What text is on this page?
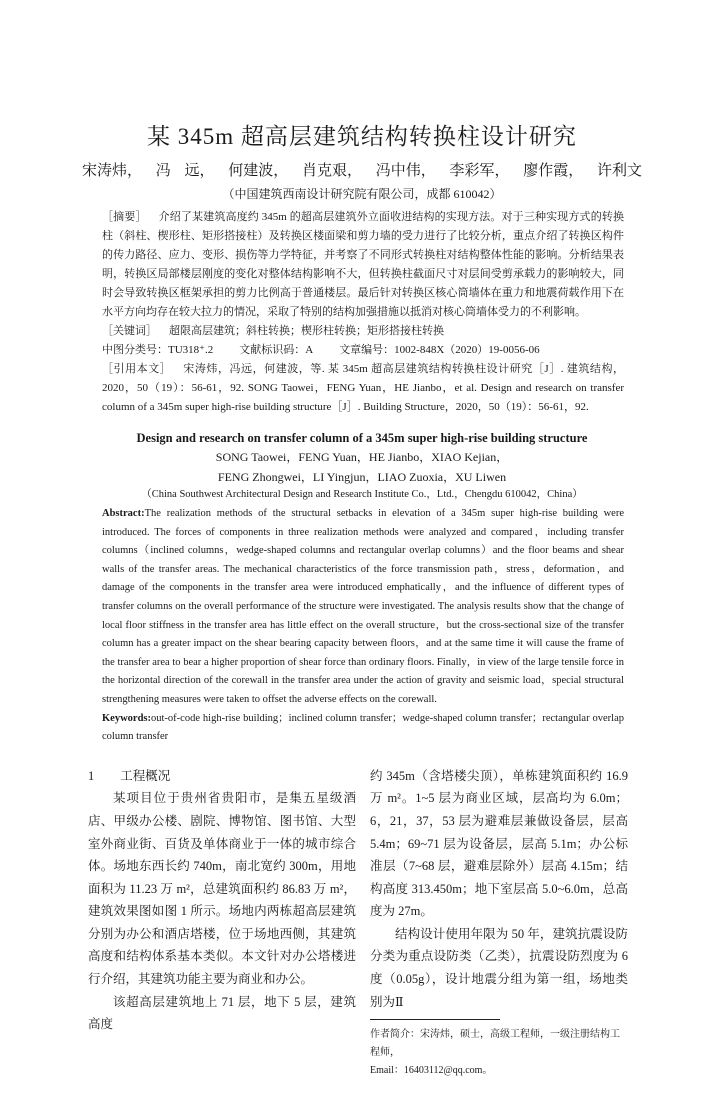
某 345m 超高层建筑结构转换柱设计研究
宋涛炜， 冯 远， 何建波， 肖克艰， 冯中伟， 李彩军， 廖作霞， 许利文
（中国建筑西南设计研究院有限公司，成都 610042）

［摘要］ 介绍了某建筑高度约 345m 的超高层建筑外立面收进结构的实现方法。对于三种实现方式的转换柱（斜柱、楔形柱、矩形搭接柱）及转换区楼面梁和剪力墙的受力进行了比较分析，重点介绍了转换区构件的传力路径、应力、变形、损伤等力学特征，并考察了不同形式转换柱对结构整体性能的影响。分析结果表明，转换区局部楼层刚度的变化对整体结构影响不大，但转换柱截面尺寸对层间受剪承载力的影响较大，同时会导致转换区框架承担的剪力比例高于普通楼层。最后针对转换区核心筒墙体在重力和地震荷载作用下在水平方向均存在较大拉力的情况，采取了特别的结构加强措施以抵消对核心筒墙体受力的不利影响。

［关键词］ 超限高层建筑；斜柱转换；楔形柱转换；矩形搭接柱转换

中图分类号：TU318⁺.2 文献标识码：A 文章编号：1002-848X（2020）19-0056-06

［引用本文］ 宋涛炜，冯远，何建波，等. 某 345m 超高层建筑结构转换柱设计研究［J］. 建筑结构，2020，50（19）：56-61，92. SONG Taowei，FENG Yuan，HE Jianbo，et al. Design and research on transfer column of a 345m super high-rise building structure［J］. Building Structure，2020，50（19）：56-61，92.

Design and research on transfer column of a 345m super high-rise building structure
SONG Taowei，FENG Yuan，HE Jianbo，XIAO Kejian，
FENG Zhongwei，LI Yingjun，LIAO Zuoxia，XU Liwen
（China Southwest Architectural Design and Research Institute Co.，Ltd.，Chengdu 610042，China）

Abstract:The realization methods of the structural setbacks in elevation of a 345m super high-rise building were introduced. The forces of components in three realization methods were analyzed and compared，including transfer columns（inclined columns，wedge-shaped columns and rectangular overlap columns）and the floor beams and shear walls of the transfer areas. The mechanical characteristics of the force transmission path，stress，deformation，and damage of the components in the transfer area were introduced emphatically，and the influence of different types of transfer columns on the overall performance of the structure were investigated. The analysis results show that the change of local floor stiffness in the transfer area has little effect on the overall structure，but the cross-sectional size of the transfer column has a greater impact on the shear bearing capacity between floors，and at the same time it will cause the frame of the transfer area to bear a higher proportion of shear force than ordinary floors. Finally，in view of the large tensile force in the horizontal direction of the corewall in the transfer area under the action of gravity and seismic load，special structural strengthening measures were taken to offset the adverse effects on the corewall.

Keywords:out-of-code high-rise building；inclined column transfer；wedge-shaped column transfer；rectangular overlap column transfer

1 工程概况

某项目位于贵州省贵阳市，是集五星级酒店、甲级办公楼、剧院、博物馆、图书馆、大型室外商业街、百货及单体商业于一体的城市综合体。场地东西长约 740m，南北宽约 300m，用地面积为 11.23 万 m²，总建筑面积约 86.83 万 m²，建筑效果图如图 1 所示。场地内两栋超高层建筑分别为办公和酒店塔楼，位于场地西侧，其建筑高度和结构体系基本类似。本文针对办公塔楼进行介绍，其建筑功能主要为商业和办公。

该超高层建筑地上 71 层，地下 5 层，建筑高度

约 345m（含塔楼尖顶），单栋建筑面积约 16.9 万 m²。1~5 层为商业区域，层高均为 6.0m；6，21，37，53 层为避难层兼做设备层，层高 5.4m；69~71 层为设备层，层高 5.1m；办公标准层（7~68 层，避难层除外）层高 4.15m；结构高度 313.450m；地下室层高 5.0~6.0m，总高度为 27m。

结构设计使用年限为 50 年，建筑抗震设防分类为重点设防类（乙类），抗震设防烈度为 6 度（0.05g），设计地震分组为第一组，场地类别为Ⅱ

作者简介：宋涛炜，硕士，高级工程师，一级注册结构工程师，

Email：16403112@qq.com。
